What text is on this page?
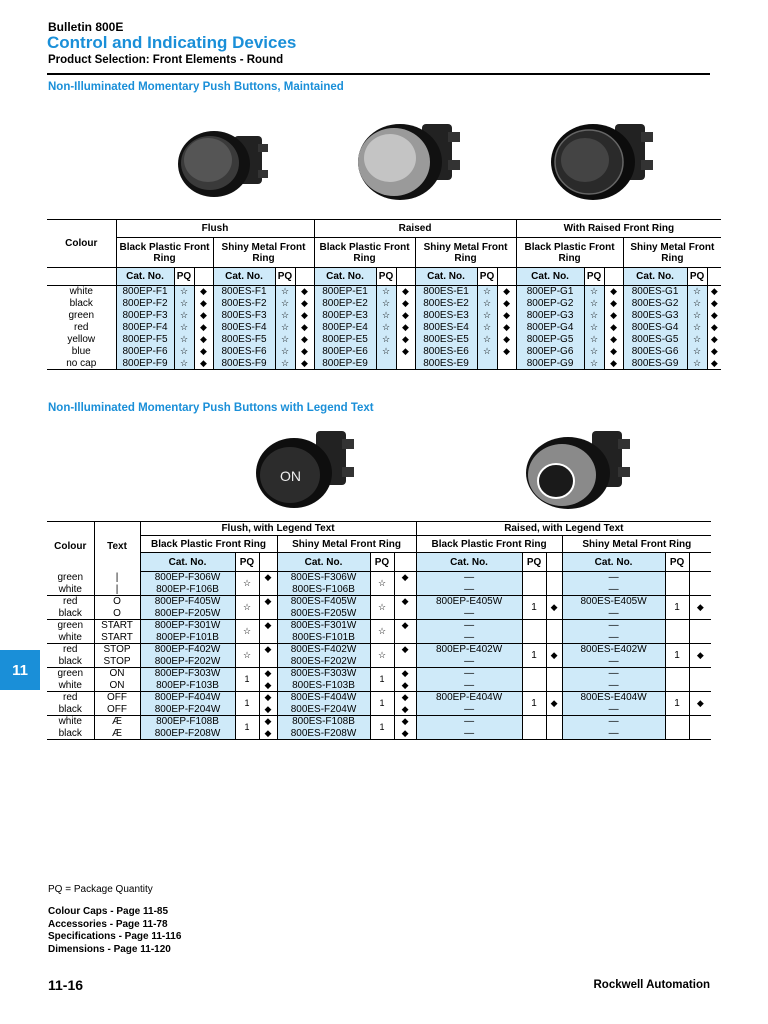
Bulletin 800E
Control and Indicating Devices
Product Selection: Front Elements - Round
Non-Illuminated Momentary Push Buttons, Maintained
Colour	Flush						Raised						With Raised Front Ring					
	Black Plastic Front Ring			Shiny Metal Front Ring			Black Plastic Front Ring			Shiny Metal Front Ring			Black Plastic Front Ring			Shiny Metal Front Ring		
	Cat. No.	PQ		Cat. No.	PQ		Cat. No.	PQ		Cat. No.	PQ		Cat. No.	PQ		Cat. No.	PQ	
white	800EP-F1	☆	◆	800ES-F1	☆	◆	800EP-E1	☆	◆	800ES-E1	☆	◆	800EP-G1	☆	◆	800ES-G1	☆	◆
black	800EP-F2	☆	◆	800ES-F2	☆	◆	800EP-E2	☆	◆	800ES-E2	☆	◆	800EP-G2	☆	◆	800ES-G2	☆	◆
green	800EP-F3	☆	◆	800ES-F3	☆	◆	800EP-E3	☆	◆	800ES-E3	☆	◆	800EP-G3	☆	◆	800ES-G3	☆	◆
red	800EP-F4	☆	◆	800ES-F4	☆	◆	800EP-E4	☆	◆	800ES-E4	☆	◆	800EP-G4	☆	◆	800ES-G4	☆	◆
yellow	800EP-F5	☆	◆	800ES-F5	☆	◆	800EP-E5	☆	◆	800ES-E5	☆	◆	800EP-G5	☆	◆	800ES-G5	☆	◆
blue	800EP-F6	☆	◆	800ES-F6	☆	◆	800EP-E6	☆	◆	800ES-E6	☆	◆	800EP-G6	☆	◆	800ES-G6	☆	◆
no cap	800EP-F9	☆	◆	800ES-F9	☆	◆	800EP-E9			800ES-E9			800EP-G9	☆	◆	800ES-G9	☆	◆
Non-Illuminated Momentary Push Buttons with Legend Text
ON
Colour	Text	Flush, with Legend Text						Raised, with Legend Text					
		Black Plastic Front Ring			Shiny Metal Front Ring			Black Plastic Front Ring			Shiny Metal Front Ring		
		Cat. No.	PQ		Cat. No.	PQ		Cat. No.	PQ		Cat. No.	PQ	
green	|	800EP-F306W	☆	◆	800ES-F306W	☆	◆	—			—		
white	|	800EP-F106B			800ES-F106B			—			—		
red	O	800EP-F405W	☆	◆	800ES-F405W	☆	◆	800EP-E405W	1	◆	800ES-E405W	1	◆
black	O	800EP-F205W			800ES-F205W			—			—		
green	START	800EP-F301W	☆	◆	800ES-F301W	☆	◆	—			—		
white	START	800EP-F101B			800ES-F101B			—			—		
red	STOP	800EP-F402W	☆	◆	800ES-F402W	☆	◆	800EP-E402W	1	◆	800ES-E402W	1	◆
black	STOP	800EP-F202W			800ES-F202W			—			—		
green	ON	800EP-F303W	1	◆	800ES-F303W	1	◆	—			—		
white	ON	800EP-F103B		◆	800ES-F103B		◆	—			—		
red	OFF	800EP-F404W	1	◆	800ES-F404W	1	◆	800EP-E404W	1	◆	800ES-E404W	1	◆
black	OFF	800EP-F204W		◆	800ES-F204W		◆	—			—		
white	Æ	800EP-F108B	1	◆	800ES-F108B	1	◆	—			—		
black	Æ	800EP-F208W		◆	800ES-F208W		◆	—			—		
11
PQ = Package Quantity
Colour Caps - Page 11-85
Accessories - Page 11-78
Specifications - Page 11-116
Dimensions - Page 11-120
11-16	Rockwell Automation
